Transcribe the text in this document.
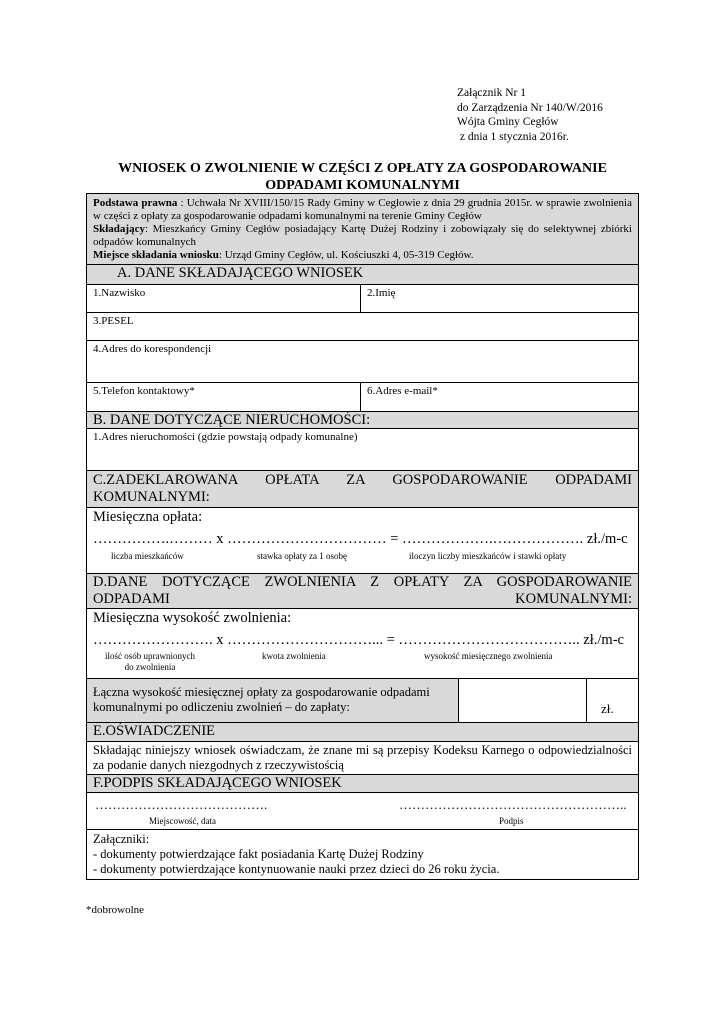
Załącznik Nr 1
do Zarządzenia Nr 140/W/2016
Wójta Gminy Cegłów
z dnia 1 stycznia 2016r.
WNIOSEK O ZWOLNIENIE W CZĘŚCI Z OPŁATY ZA GOSPODAROWANIE
ODPADAMI KOMUNALNYMI
Podstawa prawna : Uchwała Nr XVIII/150/15 Rady Gminy w Cegłowie z dnia 29 grudnia 2015r. w sprawie zwolnienia w części z opłaty za gospodarowanie odpadami komunalnymi na terenie Gminy Cegłów
Składający: Mieszkańcy Gminy Cegłów posiadający Kartę Dużej Rodziny i zobowiązały się do selektywnej zbiórki odpadów komunalnych
Miejsce składania wniosku: Urząd Gminy Cegłów, ul. Kościuszki 4, 05-319 Cegłów.
A. DANE SKŁADAJĄCEGO WNIOSEK
1.Nazwisko	2.Imię
3.PESEL
4.Adres do korespondencji
5.Telefon kontaktowy*	6.Adres e-mail*
B. DANE DOTYCZĄCE NIERUCHOMOŚCI:
1.Adres nieruchomości (gdzie powstają odpady komunalne)
C.ZADEKLAROWANA OPŁATA ZA GOSPODAROWANIE ODPADAMI KOMUNALNYMI:
Miesięczna opłata:
…………….……… x …………………………… = ……………….………………. zł./m-c
liczba mieszkańców	stawka opłaty za 1 osobę	iloczyn liczby mieszkańców i stawki opłaty
D.DANE DOTYCZĄCE ZWOLNIENIA Z OPŁATY ZA GOSPODAROWANIE ODPADAMI KOMUNALNYMI:
Miesięczna wysokość zwolnienia:
……………………. x …………………………... = ……………………………….. zł./m-c
ilość osób uprawnionych
do zwolnienia
kwota zwolnienia	wysokość miesięcznego zwolnienia
Łączna wysokość miesięcznej opłaty za gospodarowanie odpadami komunalnymi po odliczeniu zwolnień – do zapłaty:	zł.
E.OŚWIADCZENIE
Składając niniejszy wniosek oświadczam, że znane mi są przepisy Kodeksu Karnego o odpowiedzialności za podanie danych niezgodnych z rzeczywistością
F.PODPIS SKŁADAJĄCEGO WNIOSEK
………………………………….	……………………………………………..
Miejscowość, data	Podpis
Załączniki:
- dokumenty potwierdzające fakt posiadania Kartę Dużej Rodziny
- dokumenty potwierdzające kontynuowanie nauki przez dzieci do 26 roku życia.
*dobrowolne
